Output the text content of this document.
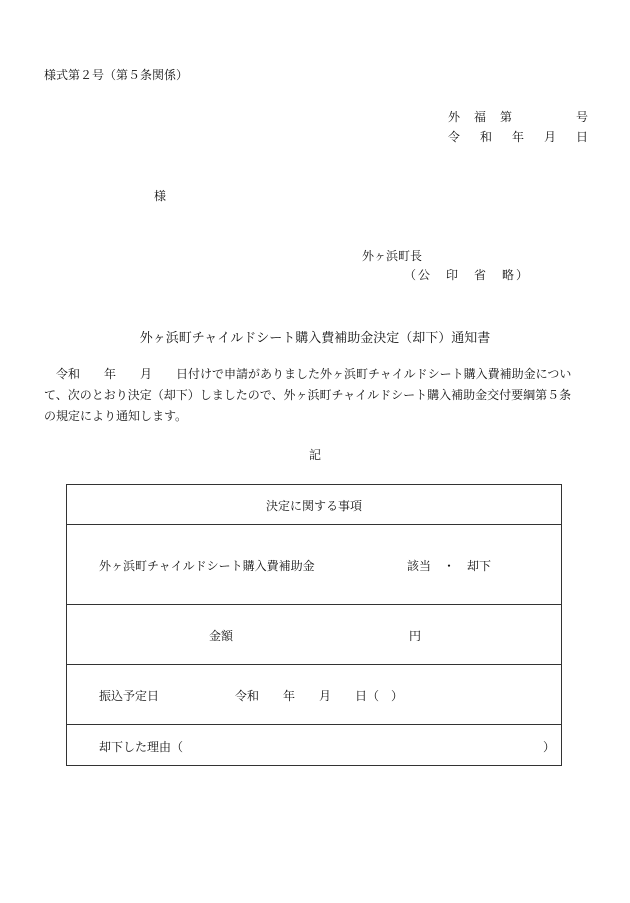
様式第２号（第５条関係）
外 福 第	号
令 和 年 月 日
様
外ヶ浜町長
（公　印　省　略）
外ヶ浜町チャイルドシート購入費補助金決定（却下）通知書

　令和　　年　　月　　日付けで申請がありました外ヶ浜町チャイルドシート購入費補助金につい

て、次のとおり決定（却下）しましたので、外ヶ浜町チャイルドシート購入補助金交付要綱第５条

の規定により通知します。

記
決定に関する事項
外ヶ浜町チャイルドシート購入費補助金	該当　・　却下
金額	円
振込予定日	令和　　年　　月　　日（　）
却下した理由（	）
